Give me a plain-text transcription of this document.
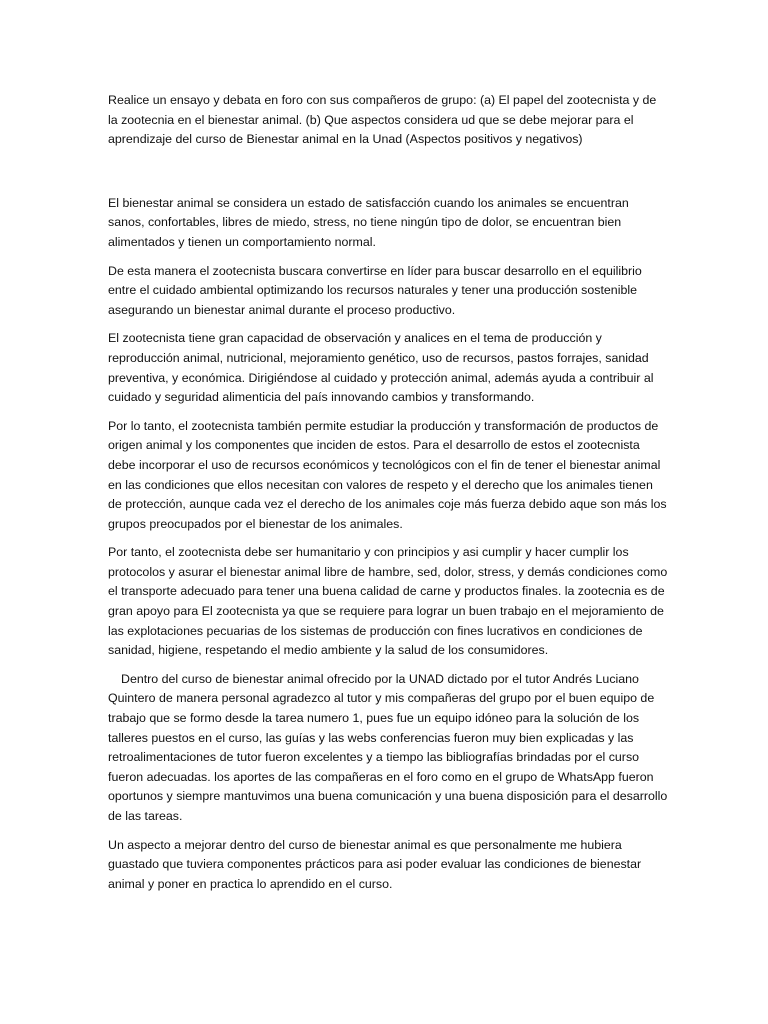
Realice un ensayo y debata en foro con sus compañeros de grupo: (a) El papel del zootecnista y de la zootecnia en el bienestar animal. (b) Que aspectos considera ud que se debe mejorar para el aprendizaje del curso de Bienestar animal en la Unad (Aspectos positivos y negativos)

El bienestar animal se considera un estado de satisfacción cuando los animales se encuentran sanos, confortables, libres de miedo, stress, no tiene ningún tipo de dolor, se encuentran bien alimentados y tienen un comportamiento normal.

De esta manera el zootecnista buscara convertirse en líder para buscar desarrollo en el equilibrio entre el cuidado ambiental optimizando los recursos naturales y tener una producción sostenible asegurando un bienestar animal durante el proceso productivo.

El zootecnista tiene gran capacidad de observación y analices en el tema de producción y reproducción animal, nutricional, mejoramiento genético, uso de recursos, pastos forrajes, sanidad preventiva, y económica. Dirigiéndose al cuidado y protección animal, además ayuda a contribuir al cuidado y seguridad alimenticia del país innovando cambios y transformando.

Por lo tanto, el zootecnista también permite estudiar la producción y transformación de productos de origen animal y los componentes que inciden de estos. Para el desarrollo de estos el zootecnista debe incorporar el uso de recursos económicos y tecnológicos con el fin de tener el bienestar animal en las condiciones que ellos necesitan con valores de respeto y el derecho que los animales tienen de protección, aunque cada vez el derecho de los animales coje más fuerza debido aque son más los grupos preocupados por el bienestar de los animales.

Por tanto, el zootecnista debe ser humanitario y con principios y asi cumplir y hacer cumplir los protocolos y asurar el bienestar animal libre de hambre, sed, dolor, stress, y demás condiciones como el transporte adecuado para tener una buena calidad de carne y productos finales. la zootecnia es de gran apoyo para El zootecnista ya que se requiere para lograr un buen trabajo en el mejoramiento de las explotaciones pecuarias de los sistemas de producción con fines lucrativos en condiciones de sanidad, higiene, respetando el medio ambiente y la salud de los consumidores.

Dentro del curso de bienestar animal ofrecido por la UNAD dictado por el tutor Andrés Luciano Quintero de manera personal agradezco al tutor y mis compañeras del grupo por el buen equipo de trabajo que se formo desde la tarea numero 1, pues fue un equipo idóneo para la solución de los talleres puestos en el curso, las guías y las webs conferencias fueron muy bien explicadas y las retroalimentaciones de tutor fueron excelentes y a tiempo las bibliografías brindadas por el curso fueron adecuadas. los aportes de las compañeras en el foro como en el grupo de WhatsApp fueron oportunos y siempre mantuvimos una buena comunicación y una buena disposición para el desarrollo de las tareas.

Un aspecto a mejorar dentro del curso de bienestar animal es que personalmente me hubiera guastado que tuviera componentes prácticos para asi poder evaluar las condiciones de bienestar animal y poner en practica lo aprendido en el curso.
